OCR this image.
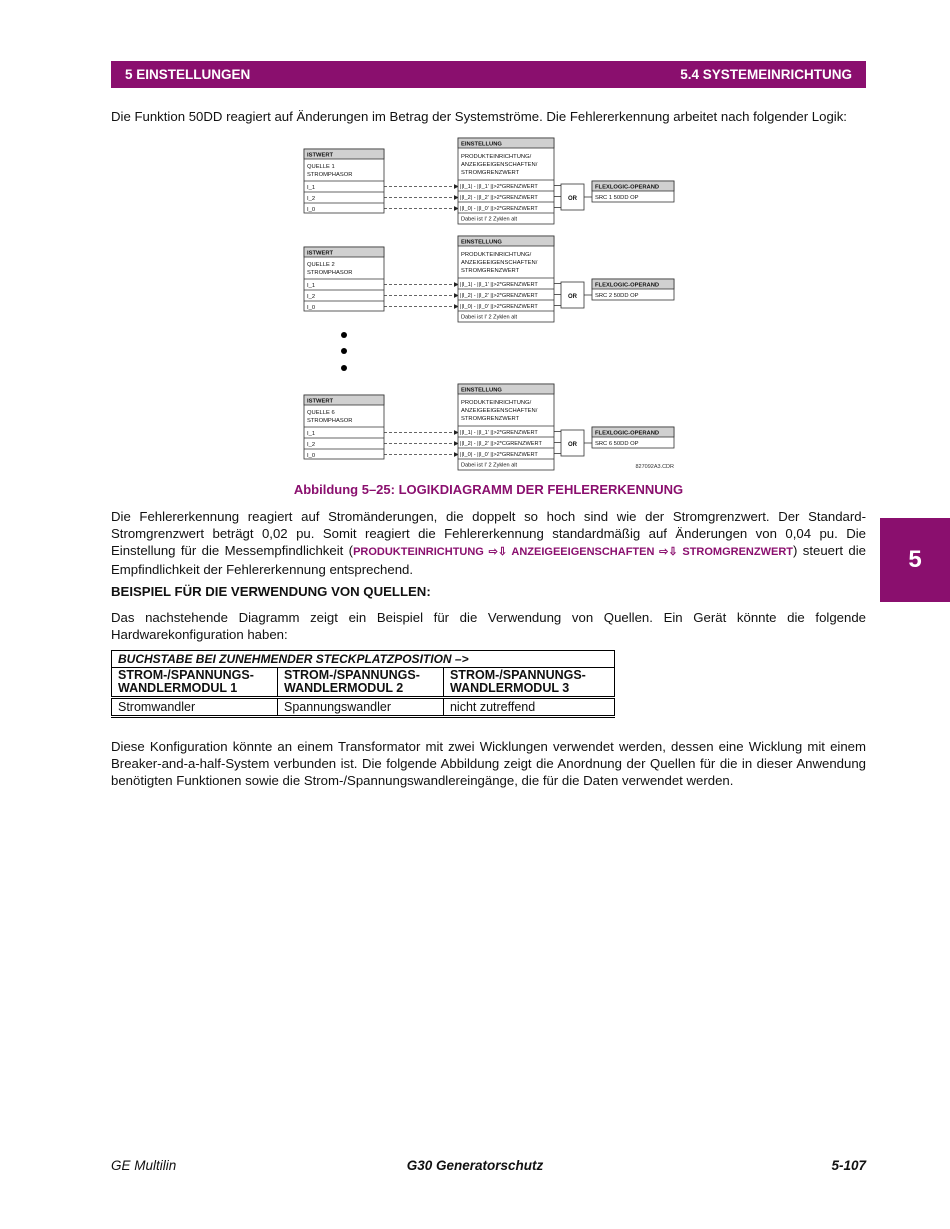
5 EINSTELLUNGEN	5.4 SYSTEMEINRICHTUNG

Die Funktion 50DD reagiert auf Änderungen im Betrag der Systemströme. Die Fehlererkennung arbeitet nach folgender Logik:

ISTWERT
QUELLE 1
STROMPHASOR
I_1
I_2
I_0
EINSTELLUNG
PRODUKTEINRICHTUNG/
ANZEIGEEIGENSCHAFTEN/
STROMGRENZWERT
||I_1| - ||I_1' ||>2*GRENZWERT
||I_2| - ||I_2' ||>2*GRENZWERT
||I_0| - ||I_0' ||>2*GRENZWERT
Dabei ist I' 2 Zyklen alt
OR
FLEXLOGIC-OPERAND
SRC 1 50DD OP
ISTWERT
QUELLE 2
STROMPHASOR
I_1
I_2
I_0
EINSTELLUNG
PRODUKTEINRICHTUNG/
ANZEIGEEIGENSCHAFTEN/
STROMGRENZWERT
||I_1| - ||I_1' ||>2*GRENZWERT
||I_2| - ||I_2' ||>2*GRENZWERT
||I_0| - ||I_0' ||>2*GRENZWERT
Dabei ist I' 2 Zyklen alt
OR
FLEXLOGIC-OPERAND
SRC 2 50DD OP
ISTWERT
QUELLE 6
STROMPHASOR
I_1
I_2
I_0
EINSTELLUNG
PRODUKTEINRICHTUNG/
ANZEIGEEIGENSCHAFTEN/
STROMGRENZWERT
||I_1| - ||I_1' ||>2*GRENZWERT
||I_2| - ||I_2' ||>2*CGRENZWERT
||I_0| - ||I_0' ||>2*GRENZWERT
Dabei ist I' 2 Zyklen alt
OR
FLEXLOGIC-OPERAND
SRC 6 50DD OP
827092A3.CDR
Abbildung 5–25: LOGIKDIAGRAMM DER FEHLERERKENNUNG

Die Fehlererkennung reagiert auf Stromänderungen, die doppelt so hoch sind wie der Stromgrenzwert. Der Standard-Stromgrenzwert beträgt 0,02 pu. Somit reagiert die Fehlererkennung standardmäßig auf Änderungen von 0,04 pu. Die Einstellung für die Messempfindlichkeit (PRODUKTEINRICHTUNG ⇨⇩ ANZEIGEEIGENSCHAFTEN ⇨⇩ STROMGRENZWERT) steuert die Empfindlichkeit der Fehlererkennung entsprechend.

BEISPIEL FÜR DIE VERWENDUNG VON QUELLEN:

Das nachstehende Diagramm zeigt ein Beispiel für die Verwendung von Quellen. Ein Gerät könnte die folgende Hardwarekonfiguration haben:

BUCHSTABE BEI ZUNEHMENDER STECKPLATZPOSITION –>		
STROM-/SPANNUNGS-WANDLERMODUL 1	STROM-/SPANNUNGS-WANDLERMODUL 2	STROM-/SPANNUNGS-WANDLERMODUL 3
Stromwandler	Spannungswandler	nicht zutreffend

Diese Konfiguration könnte an einem Transformator mit zwei Wicklungen verwendet werden, dessen eine Wicklung mit einem Breaker-and-a-half-System verbunden ist. Die folgende Abbildung zeigt die Anordnung der Quellen für die in dieser Anwendung benötigten Funktionen sowie die Strom-/Spannungswandlereingänge, die für die Daten verwendet werden.

5
GE Multilin	G30 Generatorschutz	5-107
